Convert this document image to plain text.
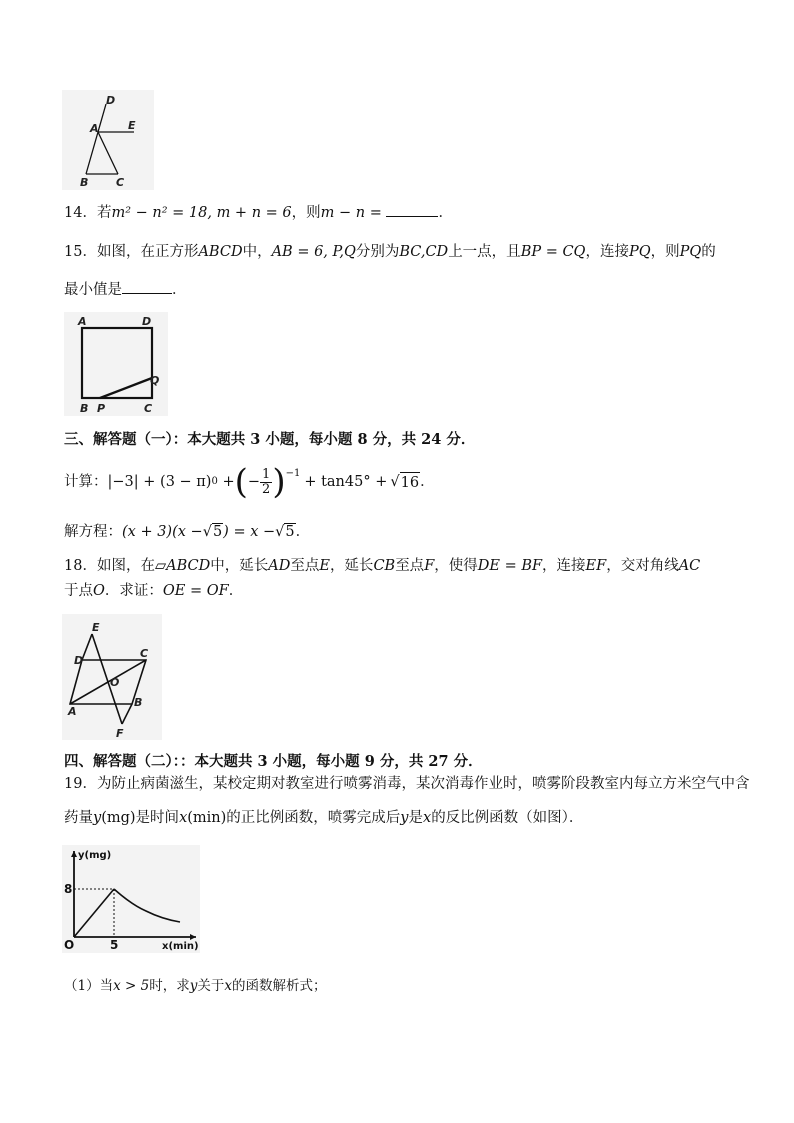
D
A	E
B	C
14．若m² − n² = 18, m + n = 6，则m − n =	．
15．如图，在正方形ABCD中，AB = 6, P,Q分别为BC,CD上一点，且BP = CQ，连接PQ，则PQ的
最小值是	．
A	D
Q
B P	C
三、解答题（一）：本大题共 3 小题，每小题 8 分，共 24 分．
计算： | −3 | + (3 − π) 0 + ( − $\frac{1}{2} )^{-1}$
+ tan45° + √ 16 ．
解方程：(x + 3)(x −√5) = x −√5．
18．如图，在▱ABCD中，延长AD至点E，延长CB至点F，使得DE = BF，连接EF，交对角线AC
于点O．求证：OE = OF．
E
D
C
O
A
B
F
四、解答题（二）：：本大题共 3 小题，每小题 9 分，共 27 分．
19．为防止病菌滋生，某校定期对教室进行喷雾消毒，某次消毒作业时，喷雾阶段教室内每立方米空气中含
药量y(mg)是时间x(min)的正比例函数，喷雾完成后y是x的反比例函数（如图）．
y(mg)
x(min)
O
8
5
（1）当x > 5时，求y关于x的函数解析式；
